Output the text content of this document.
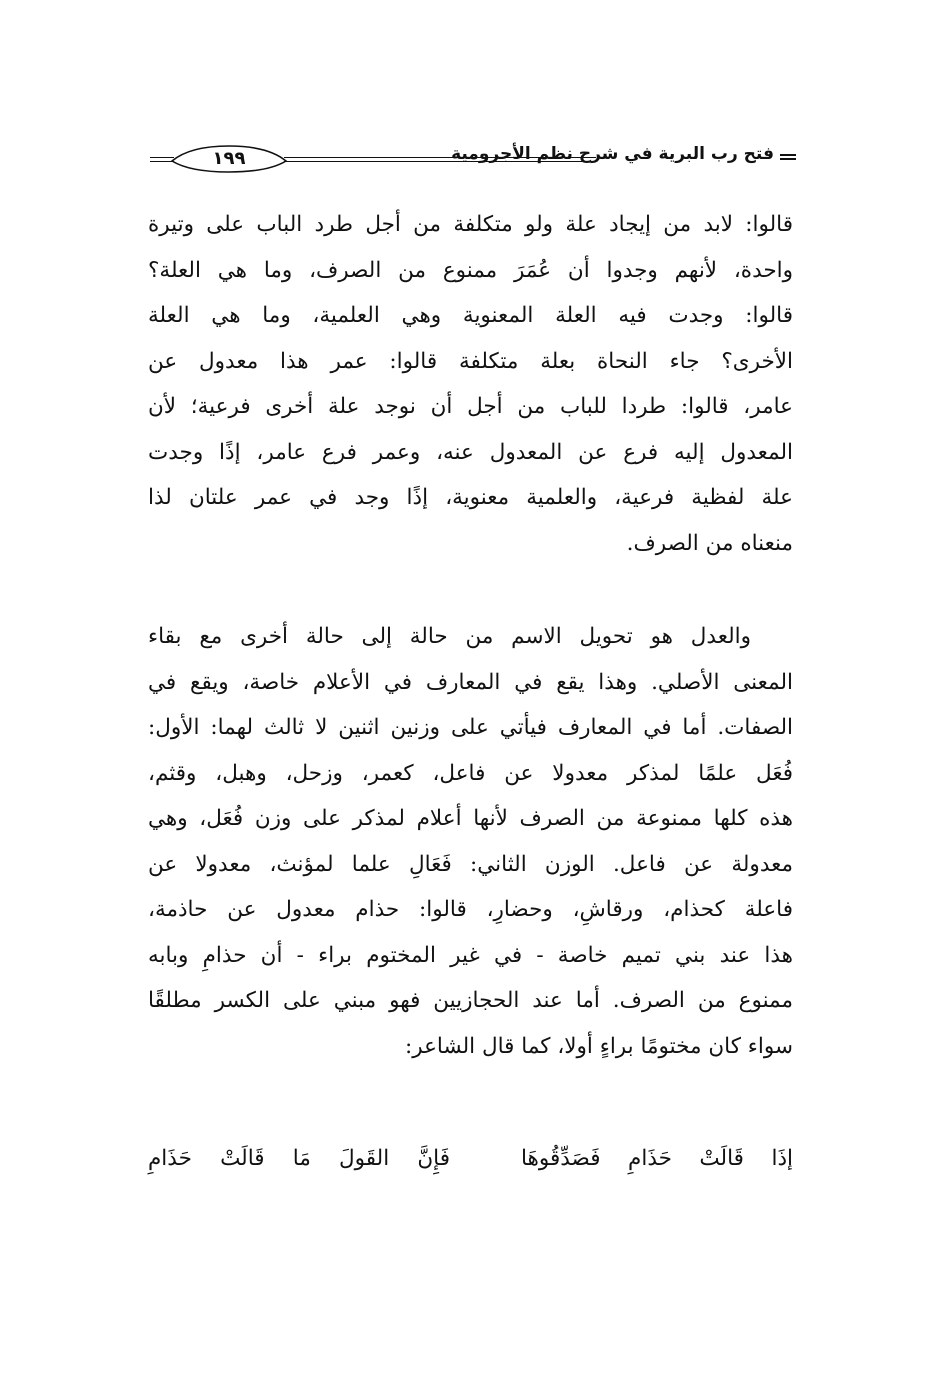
فتح رب البرية في شرح نظم الأجرومية
١٩٩
قالوا: لابد من إيجاد علة ولو متكلفة من أجل طرد الباب على وتيرة
واحدة، لأنهم وجدوا أن عُمَرَ ممنوع من الصرف، وما هي العلة؟
قالوا: وجدت فيه العلة المعنوية وهي العلمية، وما هي العلة
الأخرى؟ جاء النحاة بعلة متكلفة قالوا: عمر هذا معدول عن
عامر، قالوا: طردا للباب من أجل أن نوجد علة أخرى فرعية؛ لأن
المعدول إليه فرع عن المعدول عنه، وعمر فرع عامر، إذًا وجدت
علة لفظية فرعية، والعلمية معنوية، إذًا وجد في عمر علتان لذا
منعناه من الصرف.
والعدل هو تحويل الاسم من حالة إلى حالة أخرى مع بقاء
المعنى الأصلي. وهذا يقع في المعارف في الأعلام خاصة، ويقع في
الصفات. أما في المعارف فيأتي على وزنين اثنين لا ثالث لهما: الأول:
فُعَل علمًا لمذكر معدولا عن فاعل، كعمر، وزحل، وهبل، وقثم،
هذه كلها ممنوعة من الصرف لأنها أعلام لمذكر على وزن فُعَل، وهي
معدولة عن فاعل. الوزن الثاني: فَعَالِ علما لمؤنث، معدولا عن
فاعلة كحذام، ورقاشِ، وحضارِ، قالوا: حذام معدول عن حاذمة،
هذا عند بني تميم خاصة - في غير المختوم براء - أن حذامِ وبابه
ممنوع من الصرف. أما عند الحجازيين فهو مبني على الكسر مطلقًا
سواء كان مختومًا براءٍ أولا، كما قال الشاعر:
إذَا قَالَتْ حَذَامِ فَصَدِّقُوهَا
فَإِنَّ القَولَ مَا قَالَتْ حَذَامِ
